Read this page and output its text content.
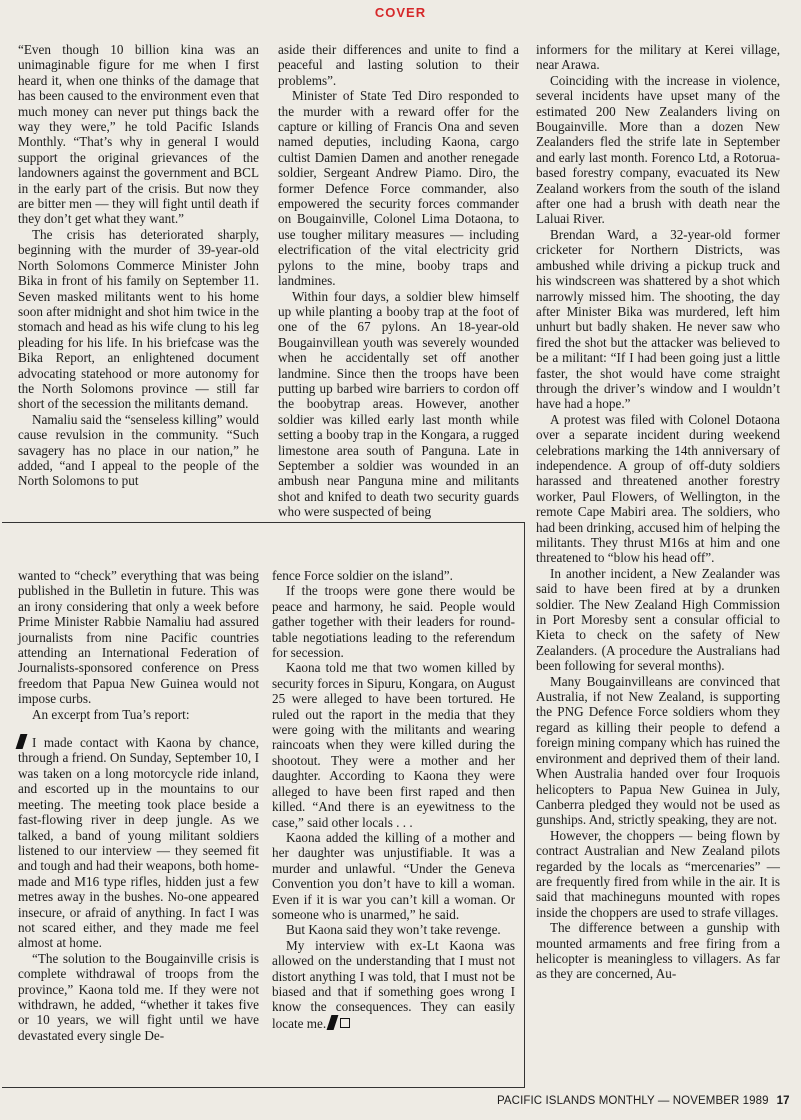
COVER

“Even though 10 billion kina was an unimaginable figure for me when I first heard it, when one thinks of the damage that has been caused to the environment even that much money can never put things back the way they were,” he told Pacific Islands Monthly. “That’s why in general I would support the original grievances of the landowners against the government and BCL in the early part of the crisis. But now they are bitter men — they will fight until death if they don’t get what they want.”

The crisis has deteriorated sharply, beginning with the murder of 39-year-old North Solomons Commerce Minister John Bika in front of his family on September 11. Seven masked militants went to his home soon after midnight and shot him twice in the stomach and head as his wife clung to his leg pleading for his life. In his briefcase was the Bika Report, an enlightened document advocating statehood or more autonomy for the North Solomons province — still far short of the secession the militants demand.

Namaliu said the “senseless killing” would cause revulsion in the community. “Such savagery has no place in our nation,” he added, “and I appeal to the people of the North Solomons to put

aside their differences and unite to find a peaceful and lasting solution to their problems”.

Minister of State Ted Diro responded to the murder with a reward offer for the capture or killing of Francis Ona and seven named deputies, including Kaona, cargo cultist Damien Damen and another renegade soldier, Sergeant Andrew Piamo. Diro, the former Defence Force commander, also empowered the security forces commander on Bougainville, Colonel Lima Dotaona, to use tougher military measures — including electrification of the vital electricity grid pylons to the mine, booby traps and landmines.

Within four days, a soldier blew himself up while planting a booby trap at the foot of one of the 67 pylons. An 18-year-old Bougainvillean youth was severely wounded when he accidentally set off another landmine. Since then the troops have been putting up barbed wire barriers to cordon off the boobytrap areas. However, another soldier was killed early last month while setting a booby trap in the Kongara, a rugged limestone area south of Panguna. Late in September a soldier was wounded in an ambush near Panguna mine and militants shot and knifed to death two security guards who were suspected of being

informers for the military at Kerei village, near Arawa.

Coinciding with the increase in violence, several incidents have upset many of the estimated 200 New Zealanders living on Bougainville. More than a dozen New Zealanders fled the strife late in September and early last month. Forenco Ltd, a Rotorua-based forestry company, evacuated its New Zealand workers from the south of the island after one had a brush with death near the Laluai River.

Brendan Ward, a 32-year-old former cricketer for Northern Districts, was ambushed while driving a pickup truck and his windscreen was shattered by a shot which narrowly missed him. The shooting, the day after Minister Bika was murdered, left him unhurt but badly shaken. He never saw who fired the shot but the attacker was believed to be a militant: “If I had been going just a little faster, the shot would have come straight through the driver’s window and I wouldn’t have had a hope.”

A protest was filed with Colonel Dotaona over a separate incident during weekend celebrations marking the 14th anniversary of independence. A group of off-duty soldiers harassed and threatened another forestry worker, Paul Flowers, of Wellington, in the remote Cape Mabiri area. The soldiers, who had been drinking, accused him of helping the militants. They thrust M16s at him and one threatened to “blow his head off”.

In another incident, a New Zealander was said to have been fired at by a drunken soldier. The New Zealand High Commission in Port Moresby sent a consular official to Kieta to check on the safety of New Zealanders. (A procedure the Australians had been following for several months).

Many Bougainvilleans are convinced that Australia, if not New Zealand, is supporting the PNG Defence Force soldiers whom they regard as killing their people to defend a foreign mining company which has ruined the environment and deprived them of their land. When Australia handed over four Iroquois helicopters to Papua New Guinea in July, Canberra pledged they would not be used as gunships. And, strictly speaking, they are not.

However, the choppers — being flown by contract Australian and New Zealand pilots regarded by the locals as “mercenaries” — are frequently fired from while in the air. It is said that machineguns mounted with ropes inside the choppers are used to strafe villages.

The difference between a gunship with mounted armaments and free firing from a helicopter is meaningless to villagers. As far as they are concerned, Au-

wanted to “check” everything that was being published in the Bulletin in future. This was an irony considering that only a week before Prime Minister Rabbie Namaliu had assured journalists from nine Pacific countries attending an International Federation of Journalists-sponsored conference on Press freedom that Papua New Guinea would not impose curbs.

An excerpt from Tua’s report:

I made contact with Kaona by chance, through a friend. On Sunday, September 10, I was taken on a long motorcycle ride inland, and escorted up in the mountains to our meeting. The meeting took place beside a fast-flowing river in deep jungle. As we talked, a band of young militant soldiers listened to our interview — they seemed fit and tough and had their weapons, both home-made and M16 type rifles, hidden just a few metres away in the bushes. No-one appeared insecure, or afraid of anything. In fact I was not scared either, and they made me feel almost at home.

“The solution to the Bougainville crisis is complete withdrawal of troops from the province,” Kaona told me. If they were not withdrawn, he added, “whether it takes five or 10 years, we will fight until we have devastated every single De-

fence Force soldier on the island”.

If the troops were gone there would be peace and harmony, he said. People would gather together with their leaders for round-table negotiations leading to the referendum for secession.

Kaona told me that two women killed by security forces in Sipuru, Kongara, on August 25 were alleged to have been tortured. He ruled out the raport in the media that they were going with the militants and wearing raincoats when they were killed during the shootout. They were a mother and her daughter. According to Kaona they were alleged to have been first raped and then killed. “And there is an eyewitness to the case,” said other locals . . .

Kaona added the killing of a mother and her daughter was unjustifiable. It was a murder and unlawful. “Under the Geneva Convention you don’t have to kill a woman. Even if it is war you can’t kill a woman. Or someone who is unarmed,” he said.

But Kaona said they won’t take revenge.

My interview with ex-Lt Kaona was allowed on the understanding that I must not distort anything I was told, that I must not be biased and that if something goes wrong I know the consequences. They can easily locate me.

PACIFIC ISLANDS MONTHLY — NOVEMBER 1989 17
